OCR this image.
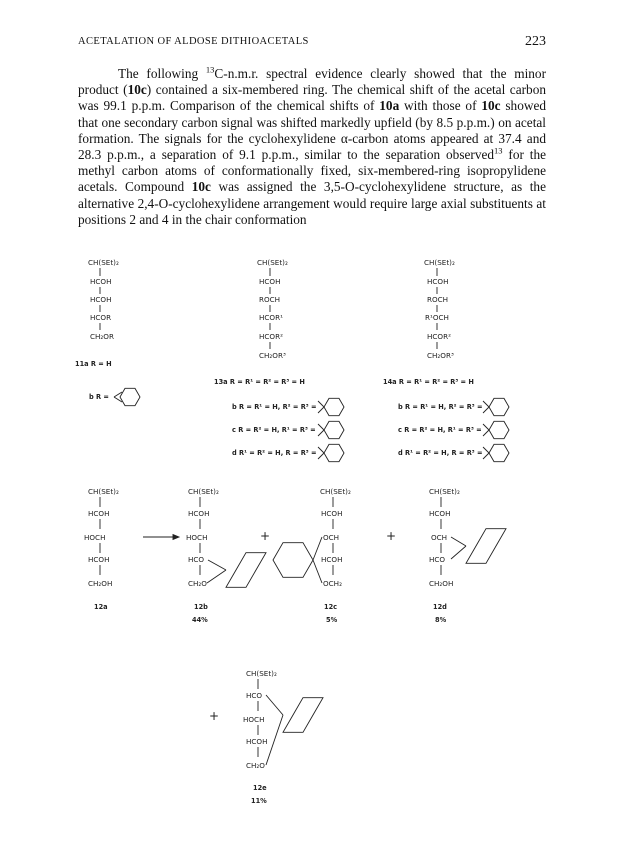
ACETALATION OF ALDOSE DITHIOACETALS	223

The following $^{13}$C-n.m.r. spectral evidence clearly showed that the minor product (10c) contained a six-membered ring. The chemical shift of the acetal carbon was 99.1 p.p.m. Comparison of the chemical shifts of 10a with those of 10c showed that one secondary carbon signal was shifted markedly upfield (by 8.5 p.p.m.) on acetal formation. The signals for the cyclohexylidene α-carbon atoms appeared at 37.4 and 28.3 p.p.m., a separation of 9.1 p.p.m., similar to the separation observed$^{13}$ for the methyl carbon atoms of conformationally fixed, six-membered-ring isopropylidene acetals. Compound 10c was assigned the 3,5-O-cyclohexylidene structure, as the alternative 2,4-O-cyclohexylidene arrangement would require large axial substituents at positions 2 and 4 in the chair conformation

CH(SEt)₂
HCOH
HCOH
HCOR
CH₂OR
11a R = H
b R =
CH(SEt)₂
HCOH
ROCH
HCOR¹
HCOR²
CH₂OR³
13a R = R¹ = R² = R³ = H
b R = R¹ = H, R² = R³ =
c R = R² = H, R¹ = R³ =
d R¹ = R² = H, R = R³ =
CH(SEt)₂
HCOH
ROCH
R¹OCH
HCOR²
CH₂OR³
14a R = R¹ = R² = R³ = H
b R = R¹ = H, R² = R³ =
c R = R² = H, R¹ = R³ =
d R¹ = R² = H, R = R³ =
CH(SEt)₂
HCOH
HOCH
HCOH
CH₂OH
12a
CH(SEt)₂
HCOH
HOCH
HCO
CH₂O
12b
44%
+
CH(SEt)₂
HCOH
OCH
HCOH
OCH₂
12c
5%
+
CH(SEt)₂
HCOH
OCH
HCO
CH₂OH
12d
8%
+
CH(SEt)₂
HCO
HOCH
HCOH
CH₂O
12e
11%
